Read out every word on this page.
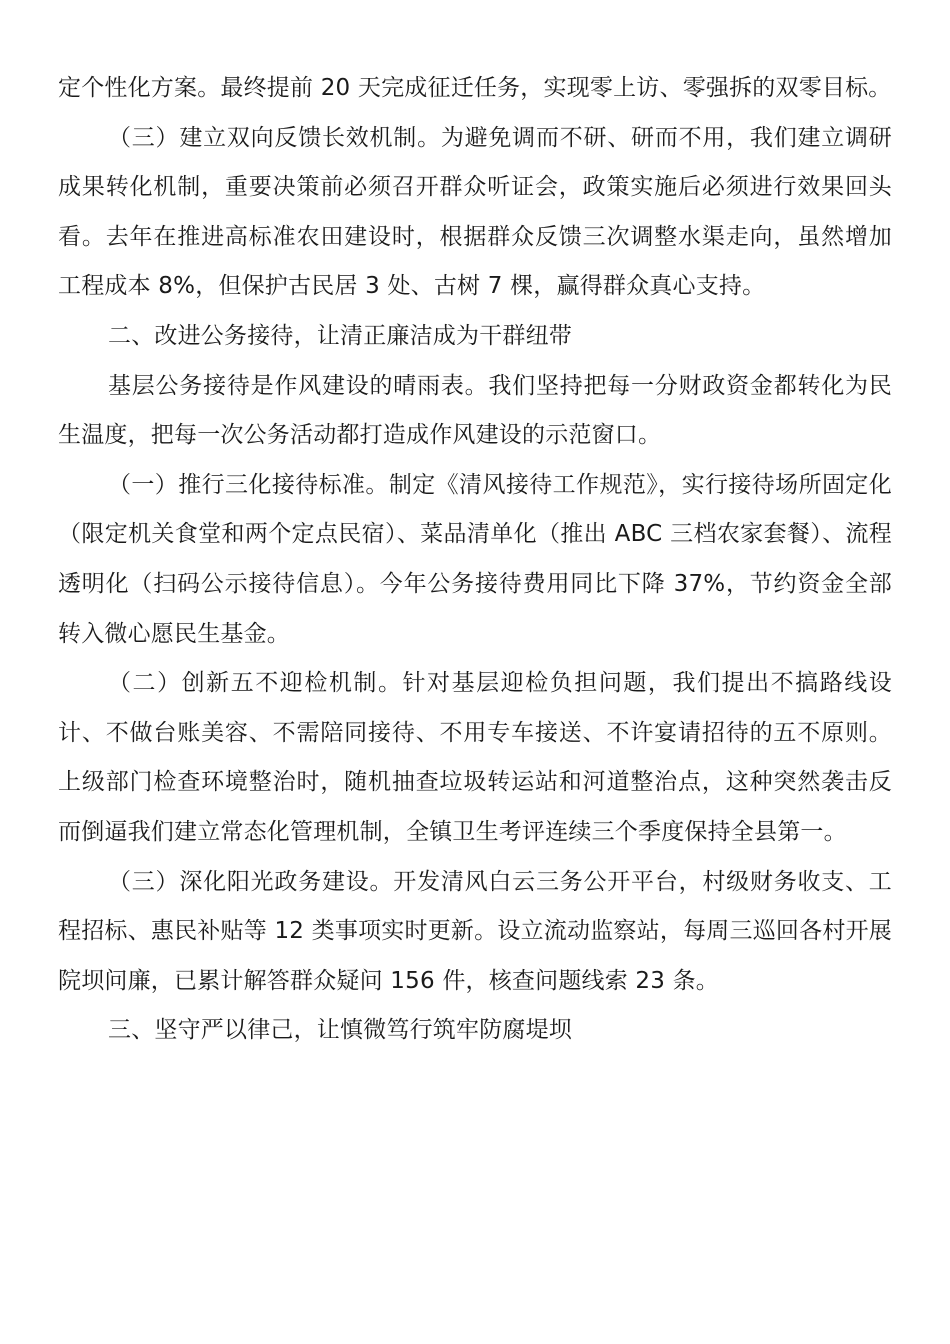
定个性化方案。最终提前 20 天完成征迁任务，实现零上访、零强拆的双零目标。

（三）建立双向反馈长效机制。为避免调而不研、研而不用，我们建立调研成果转化机制，重要决策前必须召开群众听证会，政策实施后必须进行效果回头看。去年在推进高标准农田建设时，根据群众反馈三次调整水渠走向，虽然增加工程成本 8%，但保护古民居 3 处、古树 7 棵，赢得群众真心支持。

二、改进公务接待，让清正廉洁成为干群纽带

基层公务接待是作风建设的晴雨表。我们坚持把每一分财政资金都转化为民生温度，把每一次公务活动都打造成作风建设的示范窗口。

（一）推行三化接待标准。制定《清风接待工作规范》，实行接待场所固定化（限定机关食堂和两个定点民宿）、菜品清单化（推出 ABC 三档农家套餐）、流程透明化（扫码公示接待信息）。今年公务接待费用同比下降 37%，节约资金全部转入微心愿民生基金。

（二）创新五不迎检机制。针对基层迎检负担问题，我们提出不搞路线设计、不做台账美容、不需陪同接待、不用专车接送、不许宴请招待的五不原则。上级部门检查环境整治时，随机抽查垃圾转运站和河道整治点，这种突然袭击反而倒逼我们建立常态化管理机制，全镇卫生考评连续三个季度保持全县第一。

（三）深化阳光政务建设。开发清风白云三务公开平台，村级财务收支、工程招标、惠民补贴等 12 类事项实时更新。设立流动监察站，每周三巡回各村开展院坝问廉，已累计解答群众疑问 156 件，核查问题线索 23 条。

三、坚守严以律己，让慎微笃行筑牢防腐堤坝
